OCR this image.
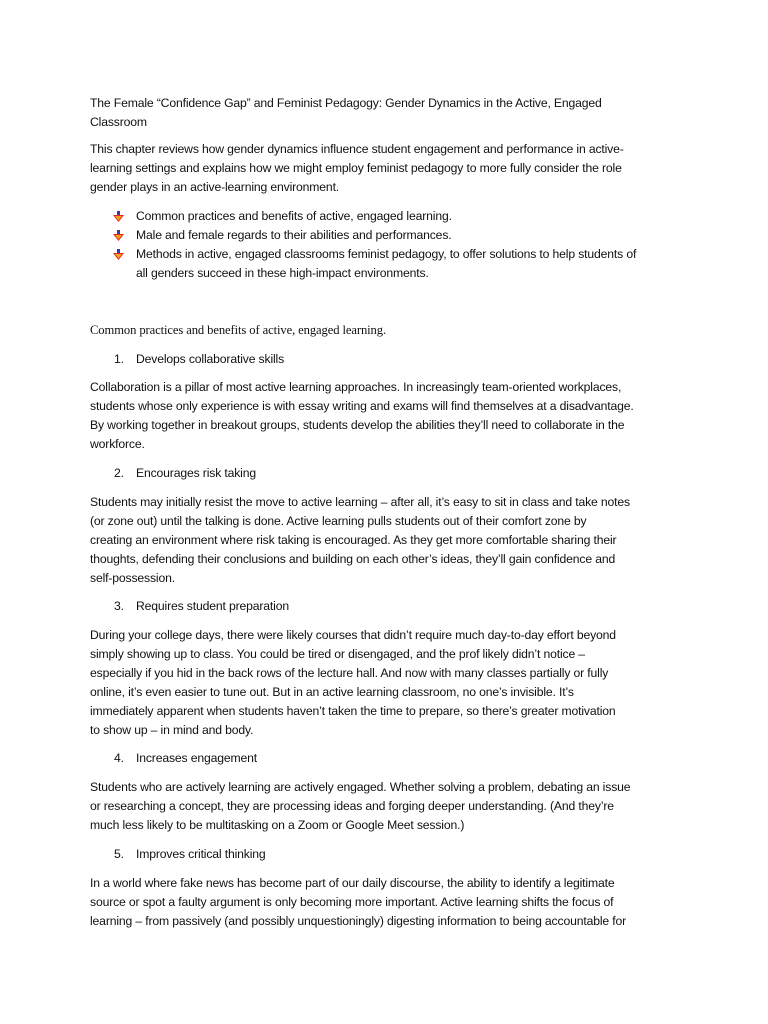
The Female “Confidence Gap” and Feminist Pedagogy: Gender Dynamics in the Active, Engaged
Classroom
This chapter reviews how gender dynamics influence student engagement and performance in active-
learning settings and explains how we might employ feminist pedagogy to more fully consider the role
gender plays in an active-learning environment.
Common practices and benefits of active, engaged learning.
Male and female regards to their abilities and performances.
Methods in active, engaged classrooms feminist pedagogy, to offer solutions to help students of
all genders succeed in these high-impact environments.
Common practices and benefits of active, engaged learning.
1. Develops collaborative skills
Collaboration is a pillar of most active learning approaches. In increasingly team-oriented workplaces,
students whose only experience is with essay writing and exams will find themselves at a disadvantage.
By working together in breakout groups, students develop the abilities they’ll need to collaborate in the
workforce.
2. Encourages risk taking
Students may initially resist the move to active learning – after all, it’s easy to sit in class and take notes
(or zone out) until the talking is done. Active learning pulls students out of their comfort zone by
creating an environment where risk taking is encouraged. As they get more comfortable sharing their
thoughts, defending their conclusions and building on each other’s ideas, they’ll gain confidence and
self-possession.
3. Requires student preparation
During your college days, there were likely courses that didn’t require much day-to-day effort beyond
simply showing up to class. You could be tired or disengaged, and the prof likely didn’t notice –
especially if you hid in the back rows of the lecture hall. And now with many classes partially or fully
online, it’s even easier to tune out. But in an active learning classroom, no one’s invisible. It’s
immediately apparent when students haven’t taken the time to prepare, so there’s greater motivation
to show up – in mind and body.
4. Increases engagement
Students who are actively learning are actively engaged. Whether solving a problem, debating an issue
or researching a concept, they are processing ideas and forging deeper understanding. (And they’re
much less likely to be multitasking on a Zoom or Google Meet session.)
5. Improves critical thinking
In a world where fake news has become part of our daily discourse, the ability to identify a legitimate
source or spot a faulty argument is only becoming more important. Active learning shifts the focus of
learning – from passively (and possibly unquestioningly) digesting information to being accountable for
